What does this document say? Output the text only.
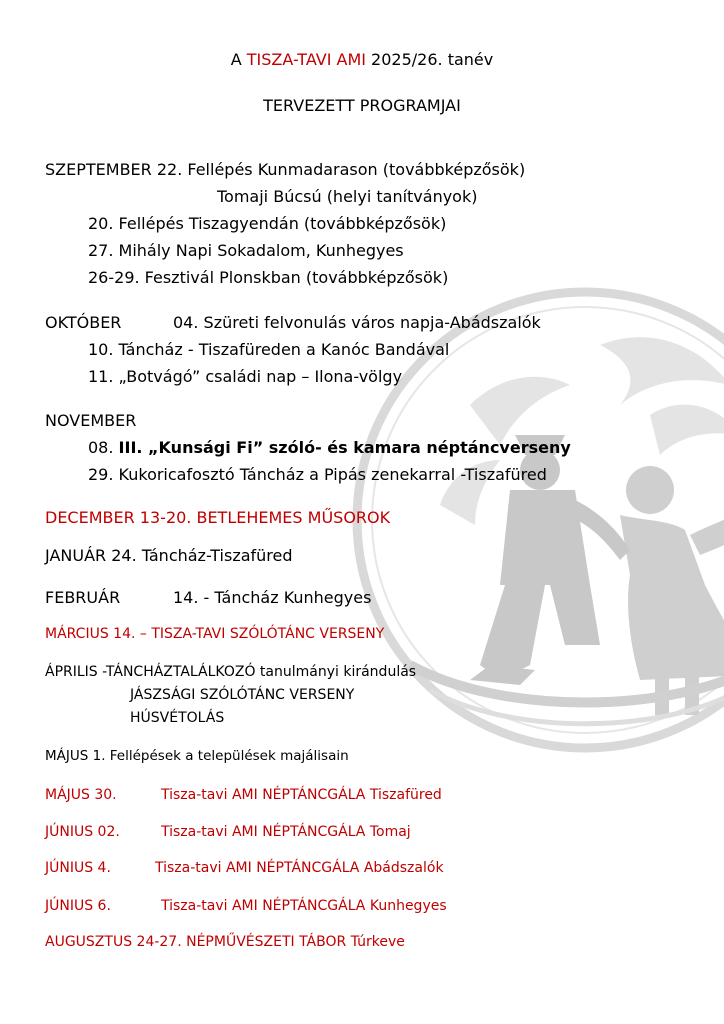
A TISZA-TAVI AMI 2025/26. tanév
TERVEZETT PROGRAMJAI
SZEPTEMBER 22. Fellépés Kunmadarason (továbbképzősök)
Tomaji Búcsú (helyi tanítványok)
20. Fellépés Tiszagyendán (továbbképzősök)
27. Mihály Napi Sokadalom, Kunhegyes
26-29. Fesztivál Plonskban (továbbképzősök)
OKTÓBER	04. Szüreti felvonulás város napja-Abádszalók
10. Táncház - Tiszafüreden a Kanóc Bandával
11. „Botvágó” családi nap – Ilona-völgy
NOVEMBER
08. III. „Kunsági Fi” szóló- és kamara néptáncverseny
29. Kukoricafosztó Táncház a Pipás zenekarral -Tiszafüred
DECEMBER 13-20. BETLEHEMES MŰSOROK
JANUÁR 24. Táncház-Tiszafüred
FEBRUÁR	14. - Táncház Kunhegyes
MÁRCIUS 14. – TISZA-TAVI SZÓLÓTÁNC VERSENY
ÁPRILIS -TÁNCHÁZTALÁLKOZÓ tanulmányi kirándulás
JÁSZSÁGI SZÓLÓTÁNC VERSENY
HÚSVÉTOLÁS
MÁJUS 1. Fellépések a települések majálisain
MÁJUS 30.	Tisza-tavi AMI NÉPTÁNCGÁLA Tiszafüred
JÚNIUS 02.	Tisza-tavi AMI NÉPTÁNCGÁLA Tomaj
JÚNIUS 4.	Tisza-tavi AMI NÉPTÁNCGÁLA Abádszalók
JÚNIUS 6.	Tisza-tavi AMI NÉPTÁNCGÁLA Kunhegyes
AUGUSZTUS 24-27. NÉPMŰVÉSZETI TÁBOR Túrkeve
